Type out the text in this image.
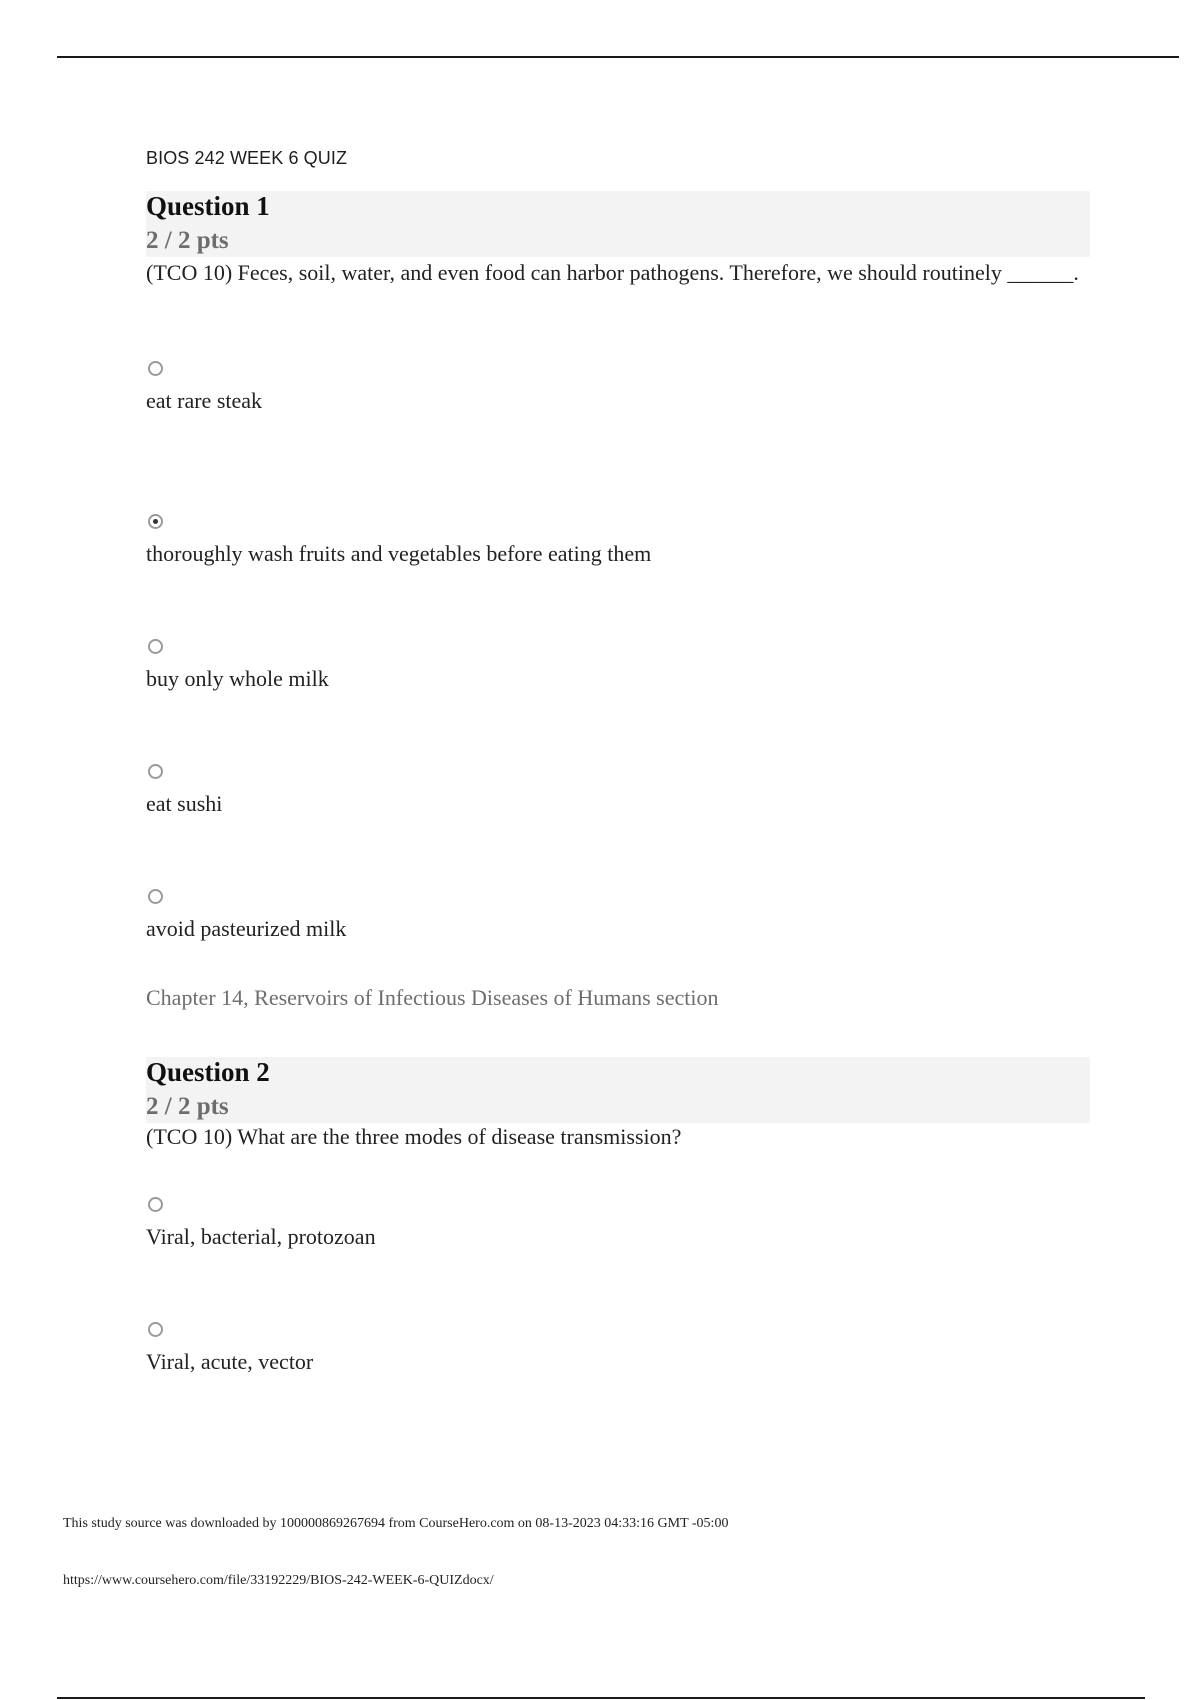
BIOS 242 WEEK 6 QUIZ
Question 1
2 / 2 pts
(TCO 10) Feces, soil, water, and even food can harbor pathogens. Therefore, we should routinely ______.
eat rare steak
thoroughly wash fruits and vegetables before eating them
buy only whole milk
eat sushi
avoid pasteurized milk
Chapter 14, Reservoirs of Infectious Diseases of Humans section
Question 2
2 / 2 pts
(TCO 10) What are the three modes of disease transmission?
Viral, bacterial, protozoan
Viral, acute, vector
This study source was downloaded by 100000869267694 from CourseHero.com on 08-13-2023 04:33:16 GMT -05:00
https://www.coursehero.com/file/33192229/BIOS-242-WEEK-6-QUIZdocx/
